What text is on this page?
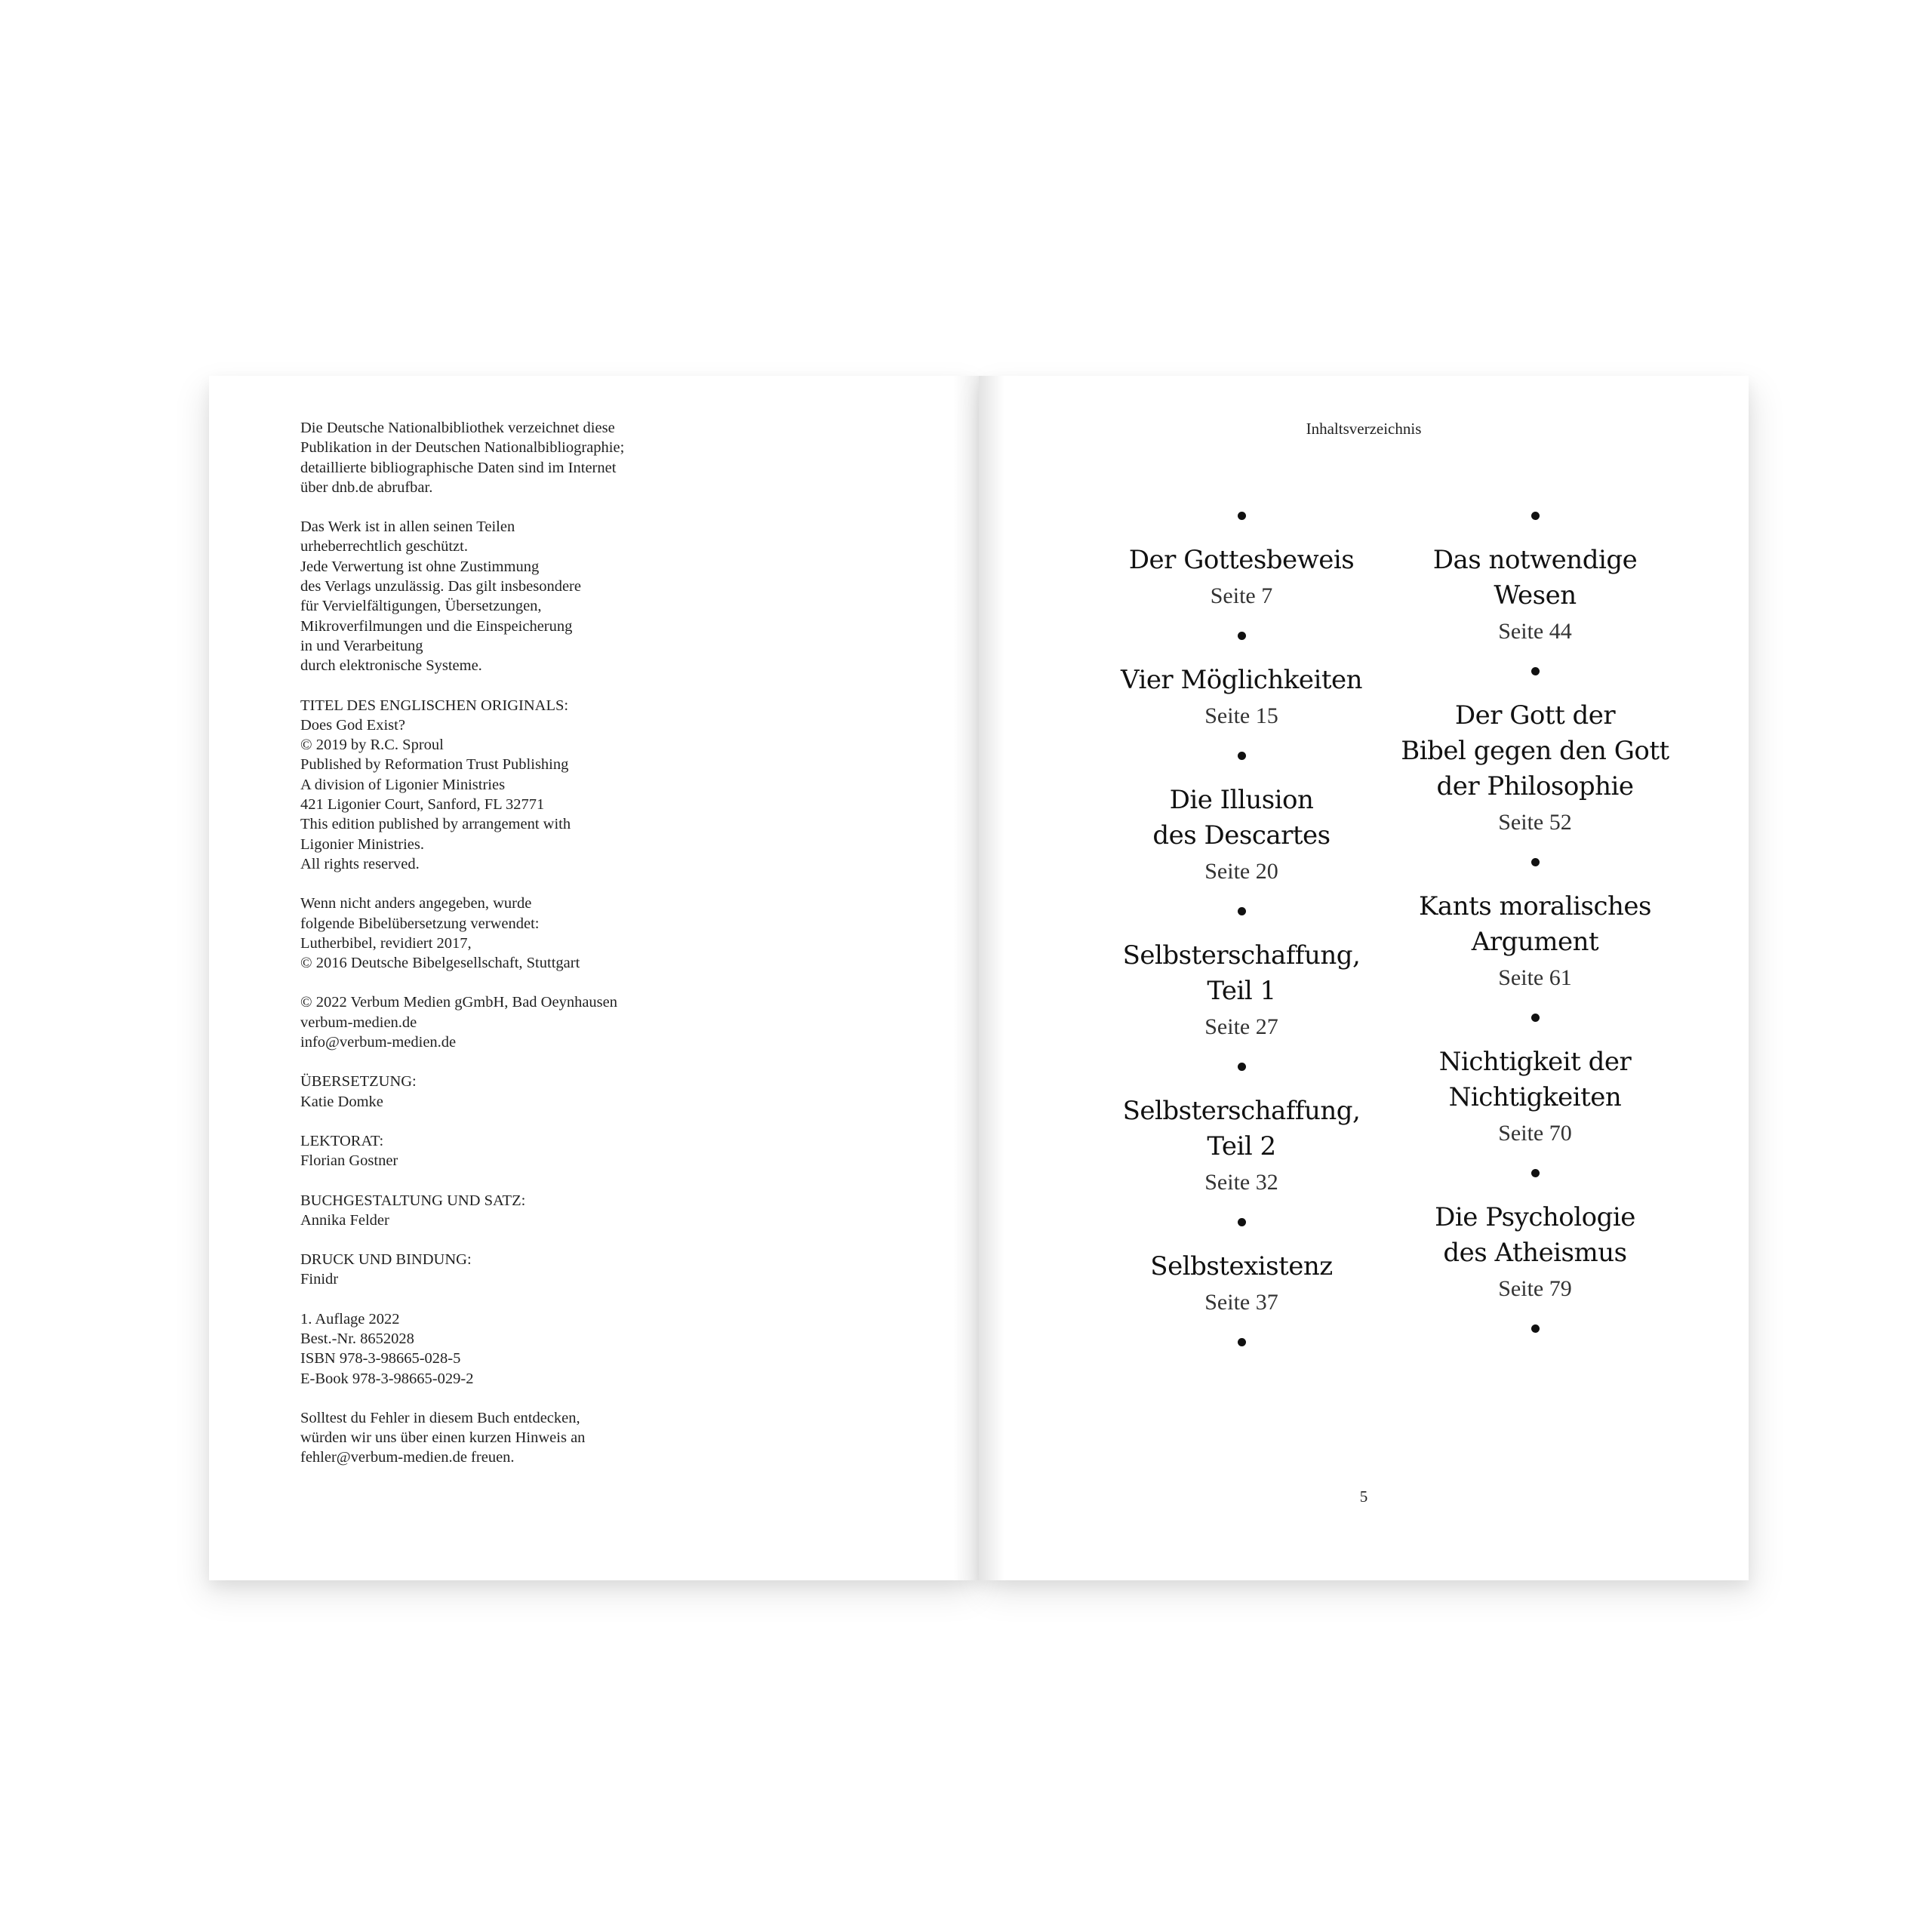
Die Deutsche Nationalbibliothek verzeichnet diese
Publikation in der Deutschen Nationalbibliographie;
detaillierte bibliographische Daten sind im Internet
über dnb.de abrufbar.
Das Werk ist in allen seinen Teilen
urheberrechtlich geschützt.
Jede Verwertung ist ohne Zustimmung
des Verlags unzulässig. Das gilt insbesondere
für Vervielfältigungen, Übersetzungen,
Mikroverfilmungen und die Einspeicherung
in und Verarbeitung
durch elektronische Systeme.
TITEL DES ENGLISCHEN ORIGINALS:
Does God Exist?
© 2019 by R.C. Sproul
Published by Reformation Trust Publishing
A division of Ligonier Ministries
421 Ligonier Court, Sanford, FL 32771
This edition published by arrangement with
Ligonier Ministries.
All rights reserved.
Wenn nicht anders angegeben, wurde
folgende Bibelübersetzung verwendet:
Lutherbibel, revidiert 2017,
© 2016 Deutsche Bibelgesellschaft, Stuttgart
© 2022 Verbum Medien gGmbH, Bad Oeynhausen
verbum-medien.de
info@verbum-medien.de
ÜBERSETZUNG:
Katie Domke
LEKTORAT:
Florian Gostner
BUCHGESTALTUNG UND SATZ:
Annika Felder
DRUCK UND BINDUNG:
Finidr
1. Auflage 2022
Best.-Nr. 8652028
ISBN 978-3-98665-028-5
E-Book 978-3-98665-029-2
Solltest du Fehler in diesem Buch entdecken,
würden wir uns über einen kurzen Hinweis an
fehler@verbum-medien.de freuen.
Inhaltsverzeichnis
Der Gottesbeweis
Seite 7
Vier Möglichkeiten
Seite 15
Die Illusion
des Descartes
Seite 20
Selbsterschaffung,
Teil 1
Seite 27
Selbsterschaffung,
Teil 2
Seite 32
Selbstexistenz
Seite 37
Das notwendige
Wesen
Seite 44
Der Gott der
Bibel gegen den Gott
der Philosophie
Seite 52
Kants moralisches
Argument
Seite 61
Nichtigkeit der
Nichtigkeiten
Seite 70
Die Psychologie
des Atheismus
Seite 79
5
